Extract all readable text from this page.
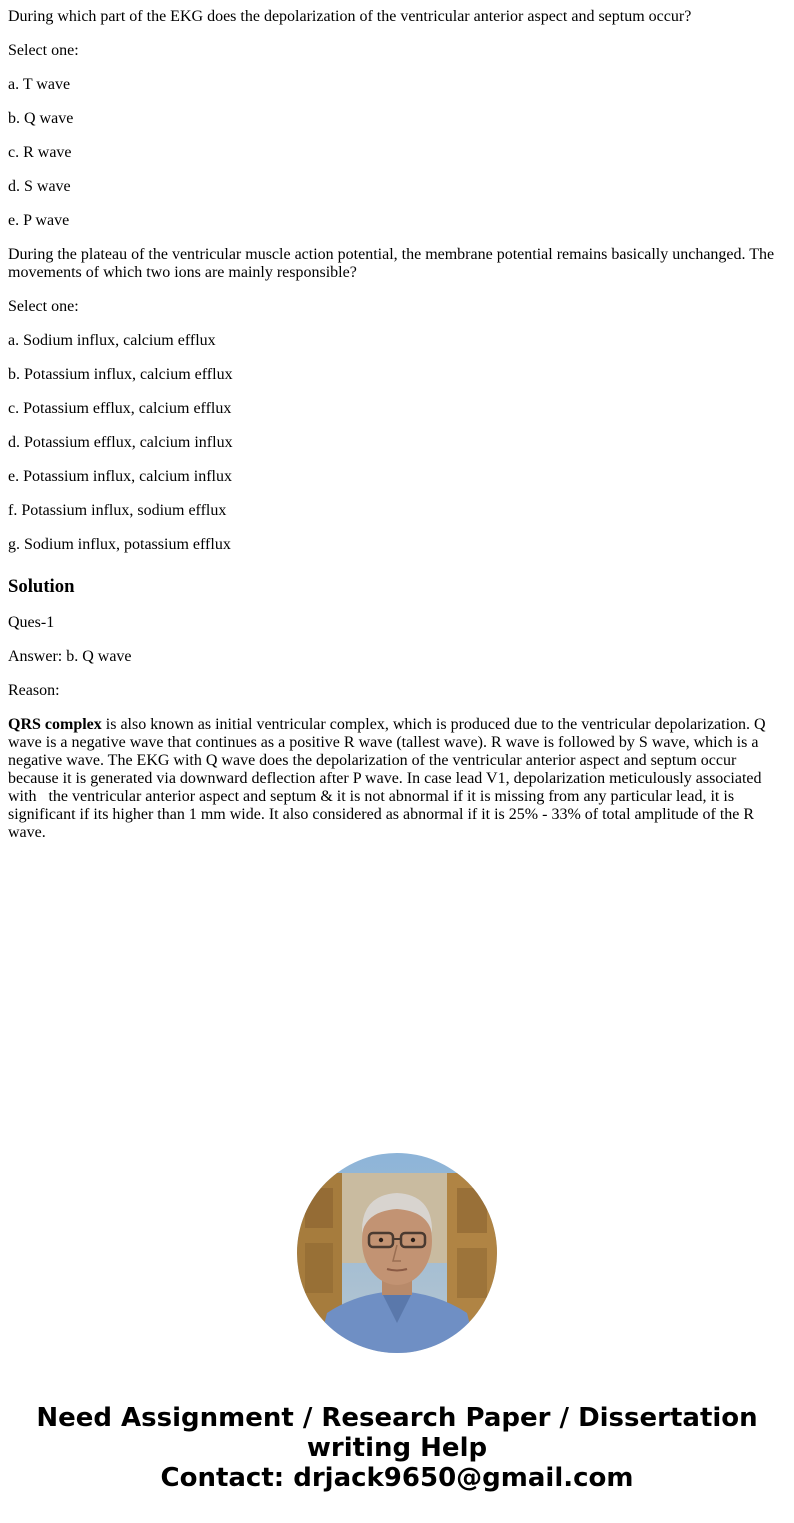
During which part of the EKG does the depolarization of the ventricular anterior aspect and septum occur?

Select one:

a. T wave

b. Q wave

c. R wave

d. S wave

e. P wave

During the plateau of the ventricular muscle action potential, the membrane potential remains basically unchanged. The movements of which two ions are mainly responsible?

Select one:

a. Sodium influx, calcium efflux

b. Potassium influx, calcium efflux

c. Potassium efflux, calcium efflux

d. Potassium efflux, calcium influx

e. Potassium influx, calcium influx

f. Potassium influx, sodium efflux

g. Sodium influx, potassium efflux

Solution

Ques-1

Answer: b. Q wave

Reason:

QRS complex is also known as initial ventricular complex, which is produced due to the ventricular depolarization. Q wave is a negative wave that continues as a positive R wave (tallest wave). R wave is followed by S wave, which is a negative wave. The EKG with Q wave does the depolarization of the ventricular anterior aspect and septum occur because it is generated via downward deflection after P wave. In case lead V1, depolarization meticulously associated with   the ventricular anterior aspect and septum & it is not abnormal if it is missing from any particular lead, it is significant if its higher than 1 mm wide. It also considered as abnormal if it is 25% - 33% of total amplitude of the R wave.

Need Assignment / Research Paper / Dissertation
writing Help
Contact: drjack9650@gmail.com
